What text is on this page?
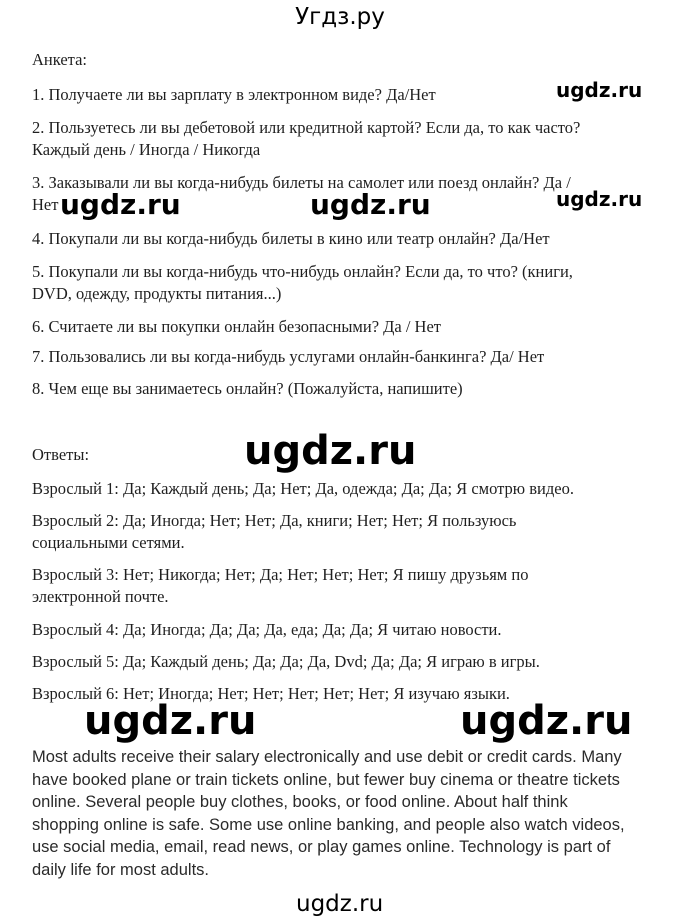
Угдз.ру
Анкета:
1. Получаете ли вы зарплату в электронном виде? Да/Нет
2. Пользуетесь ли вы дебетовой или кредитной картой? Если да, то как часто?
Каждый день / Иногда / Никогда
3. Заказывали ли вы когда-нибудь билеты на самолет или поезд онлайн? Да /
Нет
4. Покупали ли вы когда-нибудь билеты в кино или театр онлайн? Да/Нет
5. Покупали ли вы когда-нибудь что-нибудь онлайн? Если да, то что? (книги,
DVD, одежду, продукты питания...)
6. Считаете ли вы покупки онлайн безопасными? Да / Нет
7. Пользовались ли вы когда-нибудь услугами онлайн-банкинга? Да/ Нет
8. Чем еще вы занимаетесь онлайн? (Пожалуйста, напишите)
Ответы:
Взрослый 1: Да; Каждый день; Да; Нет; Да, одежда; Да; Да; Я смотрю видео.
Взрослый 2: Да; Иногда; Нет; Нет; Да, книги; Нет; Нет; Я пользуюсь
социальными сетями.
Взрослый 3: Нет; Никогда; Нет; Да; Нет; Нет; Нет; Я пишу друзьям по
электронной почте.
Взрослый 4: Да; Иногда; Да; Да; Да, еда; Да; Да; Я читаю новости.
Взрослый 5: Да; Каждый день; Да; Да; Да, Dvd; Да; Да; Я играю в игры.
Взрослый 6: Нет; Иногда; Нет; Нет; Нет; Нет; Нет; Я изучаю языки.
Most adults receive their salary electronically and use debit or credit cards. Many
have booked plane or train tickets online, but fewer buy cinema or theatre tickets
online. Several people buy clothes, books, or food online. About half think
shopping online is safe. Some use online banking, and people also watch videos,
use social media, email, read news, or play games online. Technology is part of
daily life for most adults.
ugdz.ru
ugdz.ru	ugdz.ru	ugdz.ru
ugdz.ru
ugdz.ru	ugdz.ru
ugdz.ru
